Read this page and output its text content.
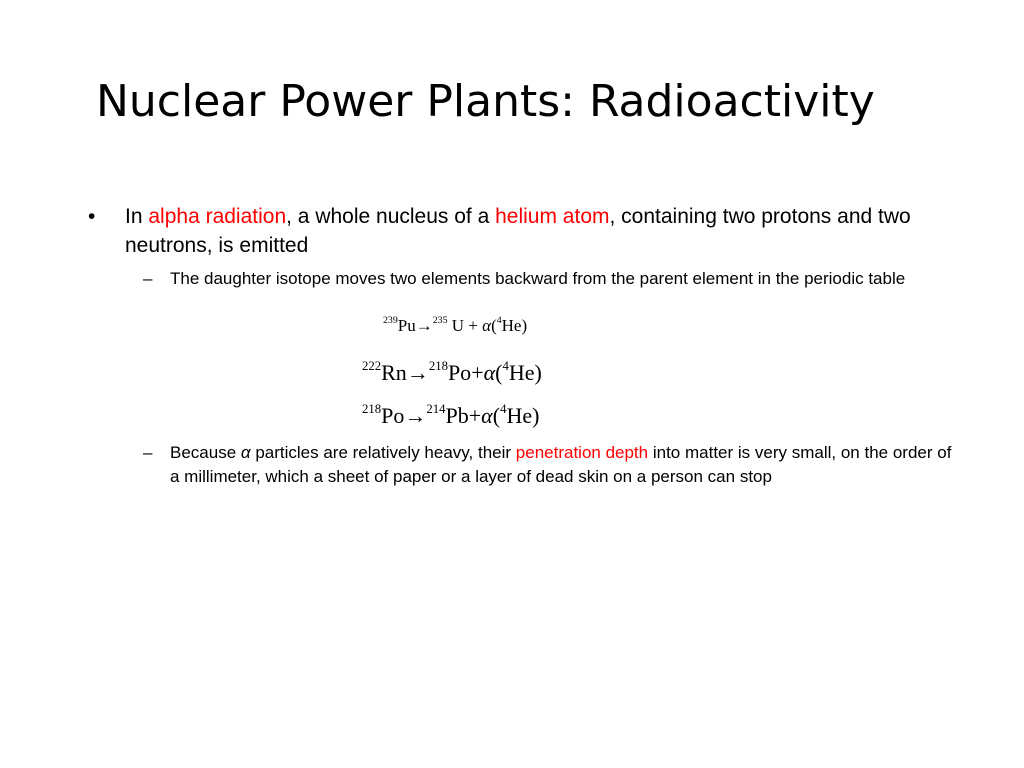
Nuclear Power Plants: Radioactivity
• In alpha radiation, a whole nucleus of a helium atom, containing two protons and two neutrons, is emitted
– The daughter isotope moves two elements backward from the parent element in the periodic table
$^{239}$Pu→$^{235}$ U + α($^4$He)
$^{222}$Rn→$^{218}$Po+α($^4$He)
$^{218}$Po→$^{214}$Pb+α($^4$He)
– Because α particles are relatively heavy, their penetration depth into matter is very small, on the order of a millimeter, which a sheet of paper or a layer of dead skin on a person can stop
